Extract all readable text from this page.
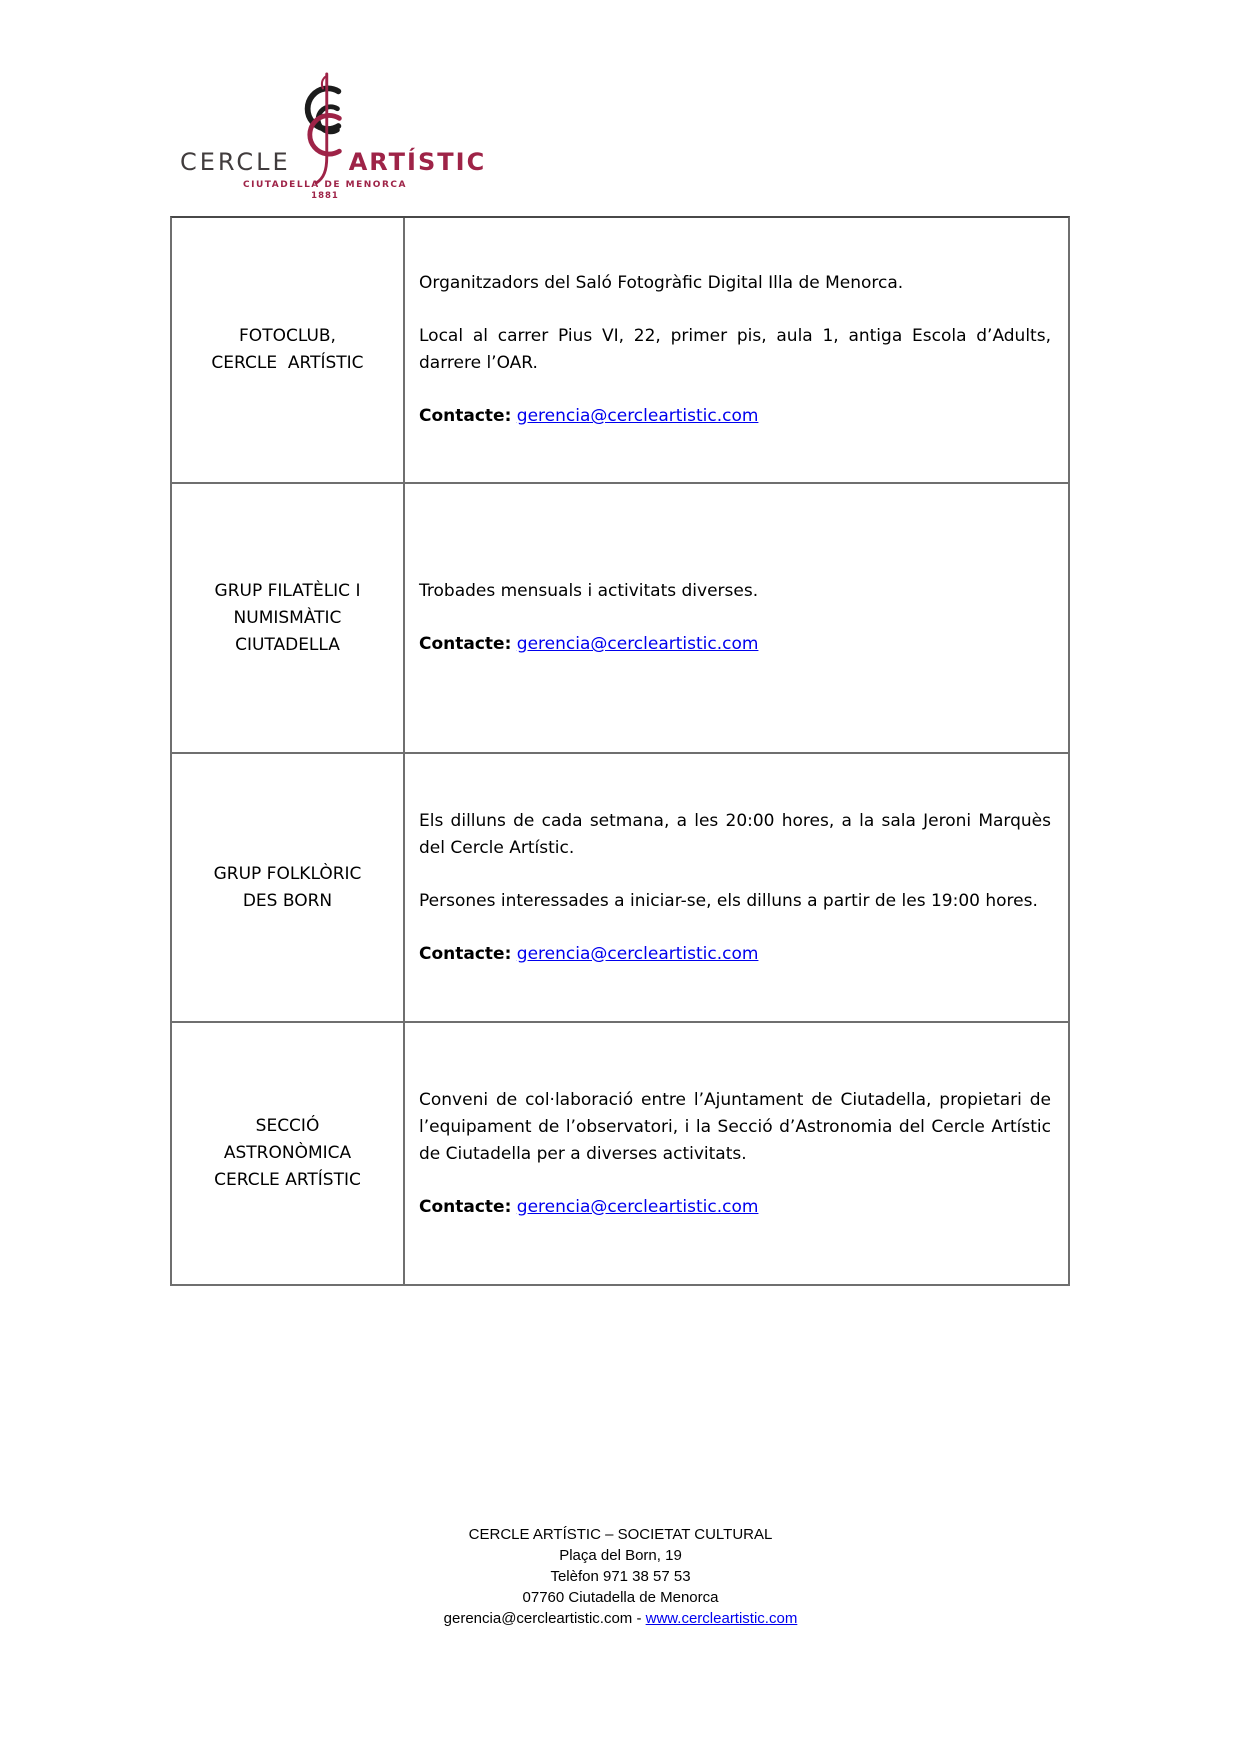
CERCLE ARTÍSTIC
CIUTADELLA DE MENORCA
1881
FOTOCLUB,
CERCLE  ARTÍSTIC
Organitzadors del Saló Fotogràfic Digital Illa de Menorca.
Local al carrer Pius VI, 22, primer pis, aula 1, antiga Escola d’Adults, darrere l’OAR.
Contacte: gerencia@cercleartistic.com
GRUP FILATÈLIC I
NUMISMÀTIC
CIUTADELLA
Trobades mensuals i activitats diverses.
Contacte: gerencia@cercleartistic.com
GRUP FOLKLÒRIC
DES BORN
Els dilluns de cada setmana, a les 20:00 hores, a la sala Jeroni Marquès del Cercle Artístic.
Persones interessades a iniciar-se, els dilluns a partir de les 19:00 hores.
Contacte: gerencia@cercleartistic.com
SECCIÓ
ASTRONÒMICA
CERCLE ARTÍSTIC
Conveni de col·laboració entre l’Ajuntament de Ciutadella, propietari de l’equipament de l’observatori, i la Secció d’Astronomia del Cercle Artístic de Ciutadella per a diverses activitats.
Contacte: gerencia@cercleartistic.com
CERCLE ARTÍSTIC – SOCIETAT CULTURAL
Plaça del Born, 19
Telèfon 971 38 57 53
07760 Ciutadella de Menorca
gerencia@cercleartistic.com - www.cercleartistic.com
